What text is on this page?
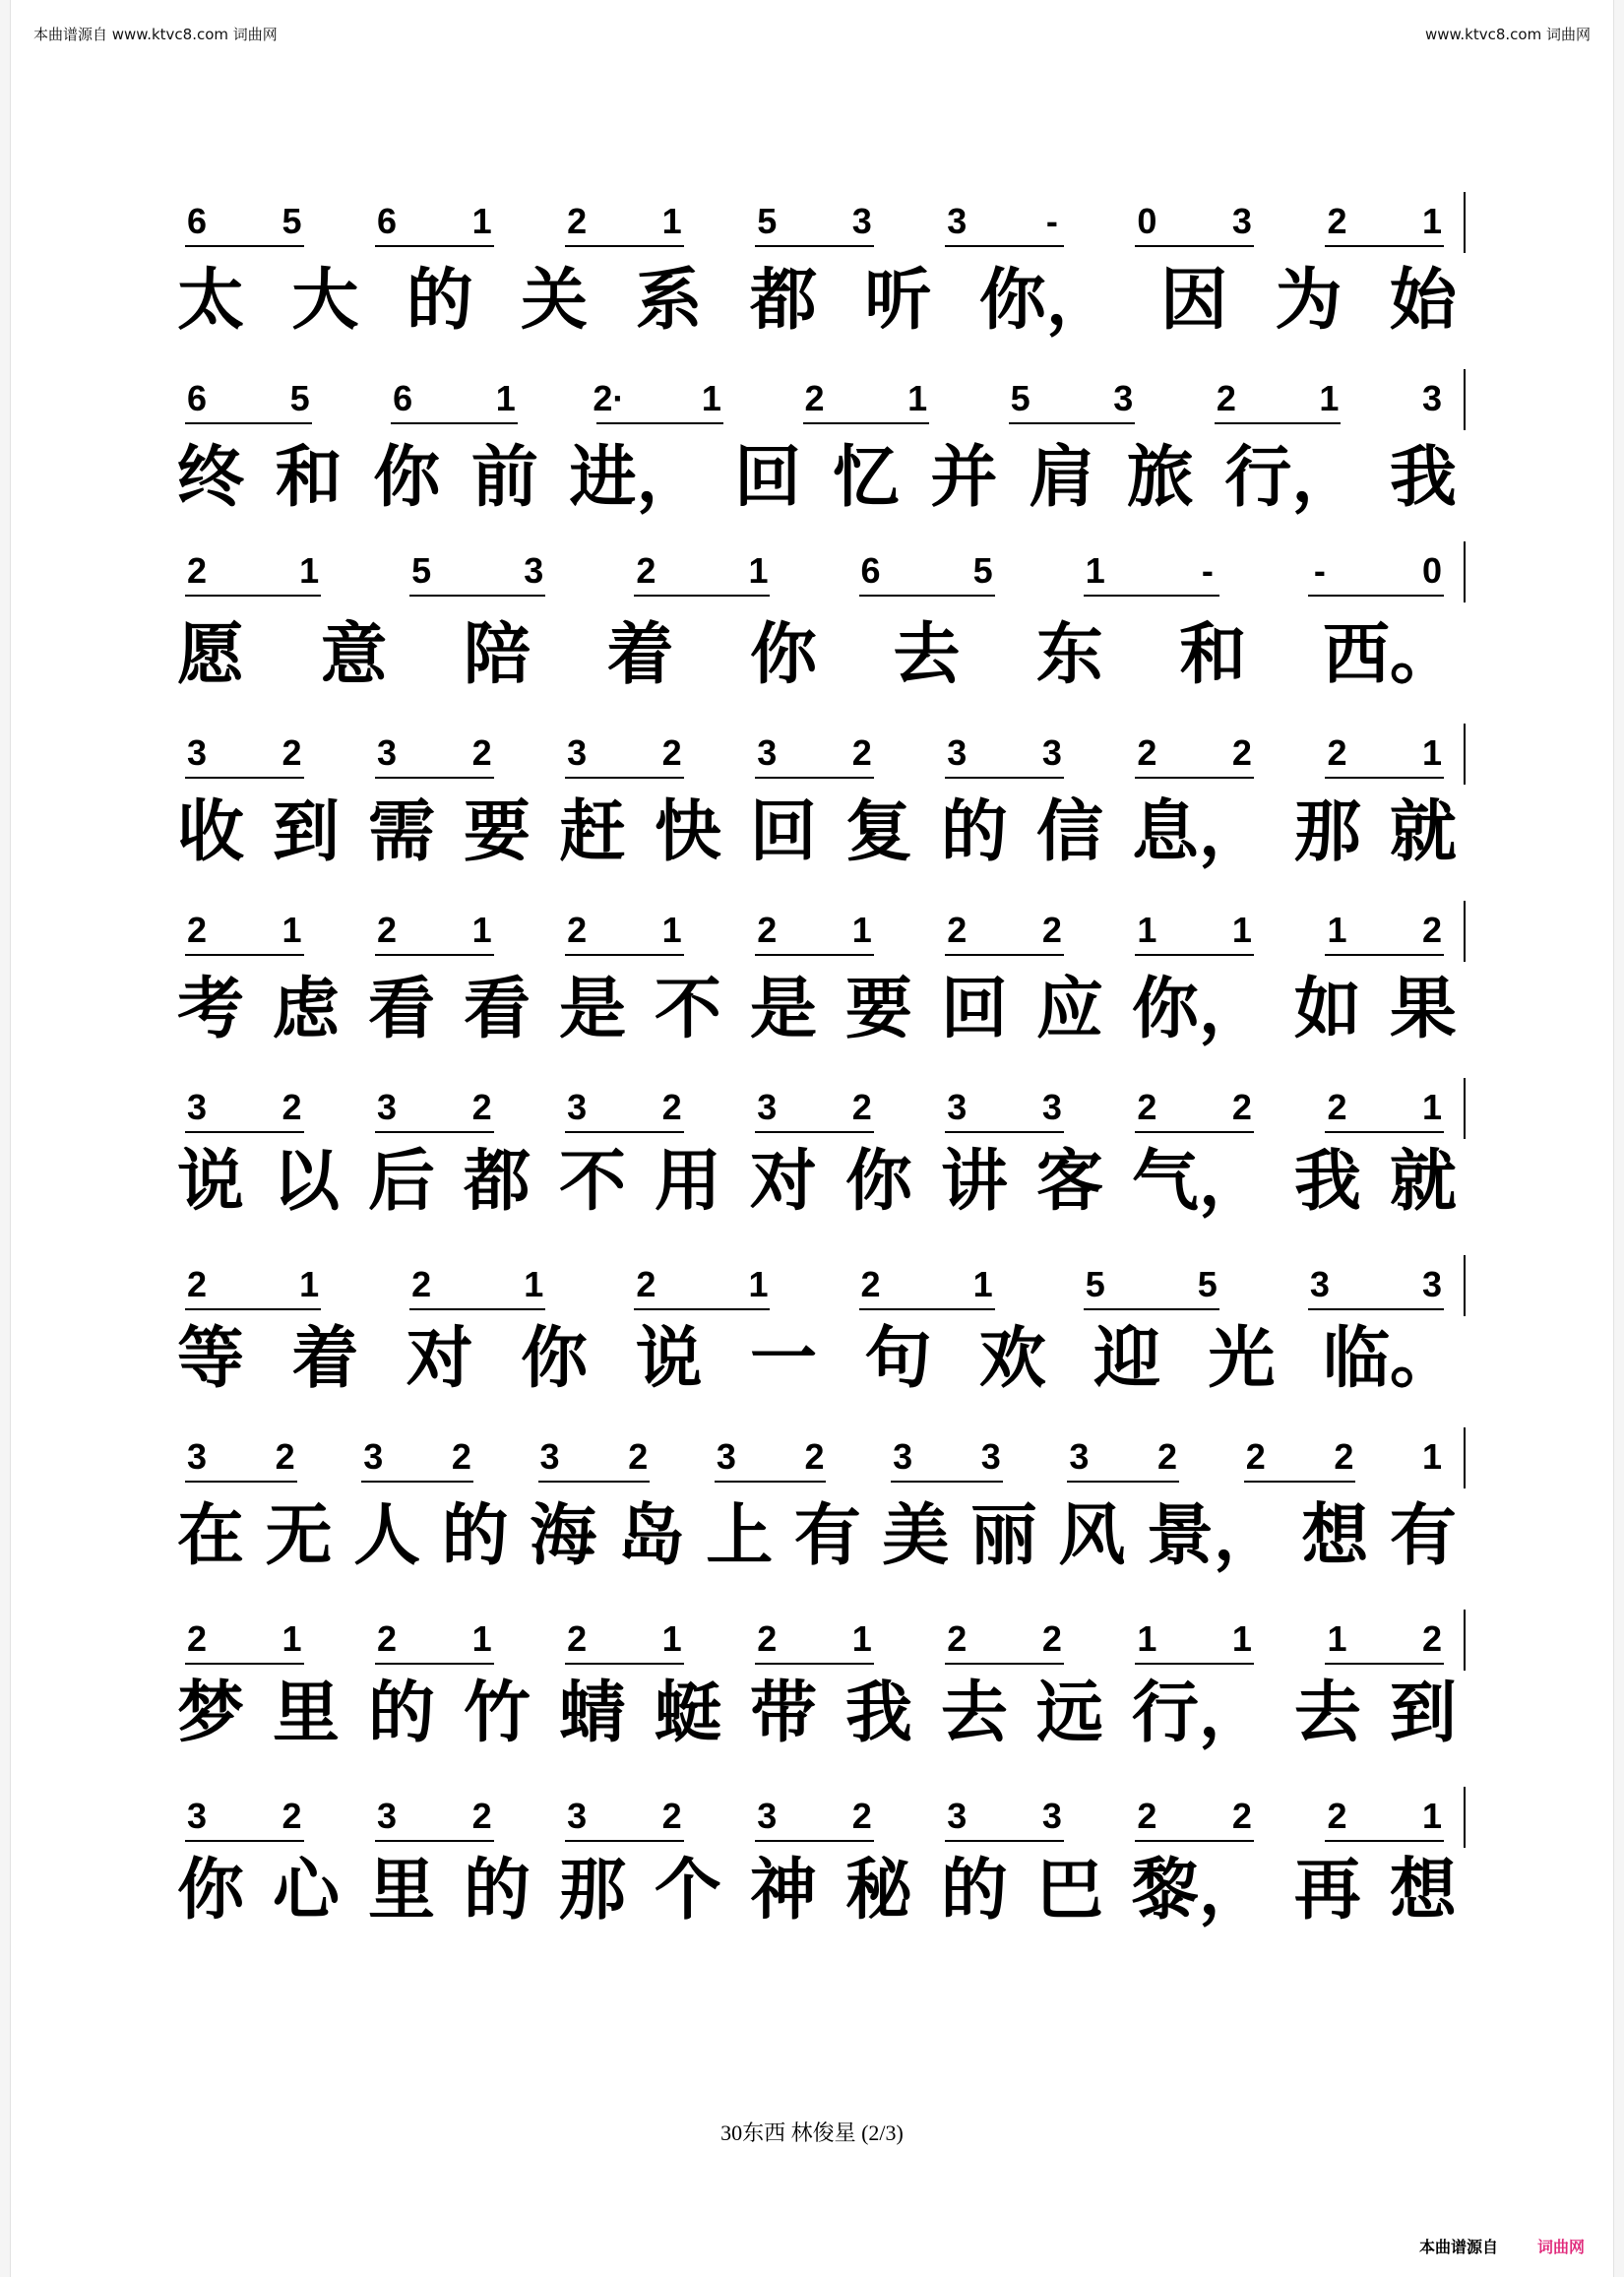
本曲谱源自 www.ktvc8.com 词曲网	www.ktvc8.com 词曲网
6 5 6 1 2 1 5 3 3	-	0 3 2 1
太 大 的 关 系 都 听 你， 因 为 始
6 5 6 1 2· 1 2 1 5 3 2 1 3
终 和 你 前 进， 回 忆 并 肩 旅 行， 我
2	1	5	3	2	1	6	5	1	-	-	0
愿 意 陪 着 你 去 东 和 西。
3 2 3 2 3 2 3 2 3 3 2 2 2 1
收 到 需 要 赶 快 回 复 的 信 息， 那 就
2 1 2 1 2 1 2 1 2 2 1 1 1 2
考 虑 看 看 是 不 是 要 回 应 你， 如 果
3 2 3 2 3 2 3 2 3 3 2 2 2 1
说 以 后 都 不 用 对 你 讲 客 气， 我 就
2	1	2	1	2	1	2	1	5	5	3	3
等 着 对 你 说 一 句 欢 迎 光 临。
3 2 3 2 3 2 3 2 3 3 3 2 2 2 1
在 无 人 的 海 岛 上 有 美 丽 风 景， 想 有
2 1 2 1 2 1 2 1 2 2 1 1 1 2
梦 里 的 竹 蜻 蜓 带 我 去 远 行， 去 到
3 2 3 2 3 2 3 2 3 3 2 2 2 1
你 心 里 的 那 个 神 秘 的 巴 黎， 再 想
30东西 林俊星 (2/3)
本曲谱源自	词曲网
